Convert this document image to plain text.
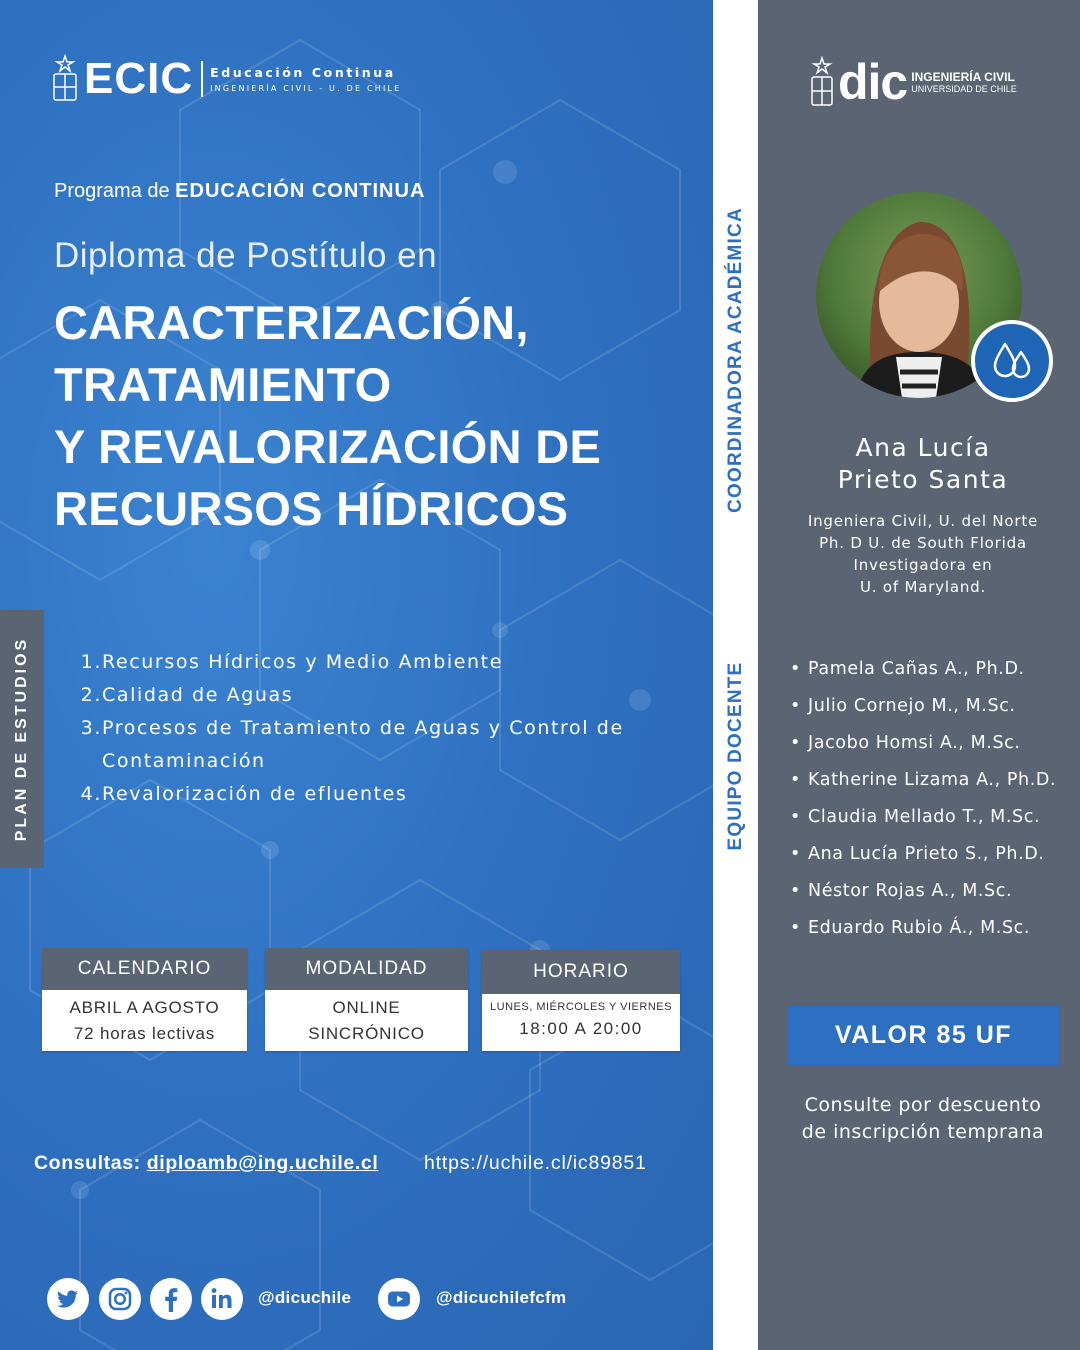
ECIC Educación Continua
INGENIERÍA CIVIL - U. DE CHILE
Programa de EDUCACIÓN CONTINUA
Diploma de Postítulo en
CARACTERIZACIÓN,
TRATAMIENTO
Y REVALORIZACIÓN DE
RECURSOS HÍDRICOS
PLAN DE ESTUDIOS	1. Recursos Hídricos y Medio Ambiente
2. Calidad de Aguas
3. Procesos de Tratamiento de Aguas y Control de Contaminación
4. Revalorización de efluentes
CALENDARIO
ABRIL A AGOSTO
72 horas lectivas
MODALIDAD
ONLINE
SINCRÓNICO
HORARIO
LUNES, MIÉRCOLES Y VIERNES
18:00 A 20:00
Consultas: diploamb@ing.uchile.cl https://uchile.cl/ic89851
@dicuchile	@dicuchilefcfm
COORDINADORA ACADÉMICA
EQUIPO DOCENTE
dic INGENIERÍA CIVIL
UNIVERSIDAD DE CHILE
Ana Lucía
Prieto Santa
Ingeniera Civil, U. del Norte
Ph. D U. de South Florida
Investigadora en
U. of Maryland.
• Pamela Cañas A., Ph.D.
• Julio Cornejo M., M.Sc.
• Jacobo Homsi A., M.Sc.
• Katherine Lizama A., Ph.D.
• Claudia Mellado T., M.Sc.
• Ana Lucía Prieto S., Ph.D.
• Néstor Rojas A., M.Sc.
• Eduardo Rubio Á., M.Sc.
VALOR 85 UF
Consulte por descuento
de inscripción temprana
